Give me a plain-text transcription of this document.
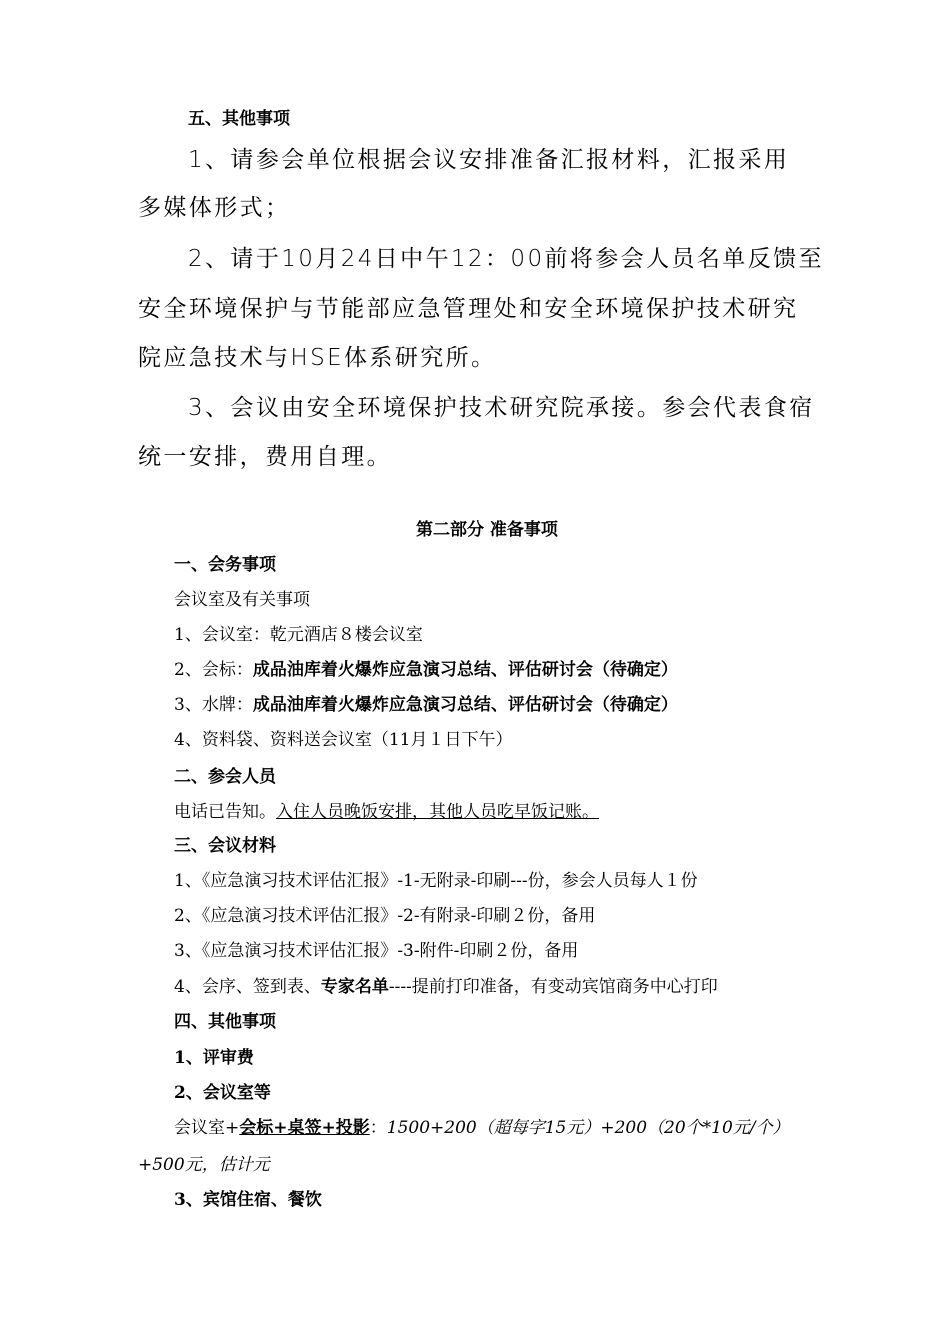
五、其他事项
1、请参会单位根据会议安排准备汇报材料，汇报采用
多媒体形式；
2、请于10月24日中午12：00前将参会人员名单反馈至
安全环境保护与节能部应急管理处和安全环境保护技术研究
院应急技术与HSE体系研究所。
3、会议由安全环境保护技术研究院承接。参会代表食宿
统一安排，费用自理。
第二部分 准备事项
一、会务事项
会议室及有关事项
1、会议室：乾元酒店８楼会议室
2、会标：成品油库着火爆炸应急演习总结、评估研讨会（待确定）
3、水牌：成品油库着火爆炸应急演习总结、评估研讨会（待确定）
4、资料袋、资料送会议室（11月１日下午）
二、参会人员
电话已告知。入住人员晚饭安排，其他人员吃早饭记账。
三、会议材料
1、《应急演习技术评估汇报》-1-无附录-印刷---份，参会人员每人１份
2、《应急演习技术评估汇报》-2-有附录-印刷２份，备用
3、《应急演习技术评估汇报》-3-附件-印刷２份，备用
4、会序、签到表、专家名单----提前打印准备，有变动宾馆商务中心打印
四、其他事项
1、评审费
2、会议室等
会议室+会标+桌签+投影：1500+200（超每字15元）+200（20个*10元/个）
+500元，估计元
3、宾馆住宿、餐饮
